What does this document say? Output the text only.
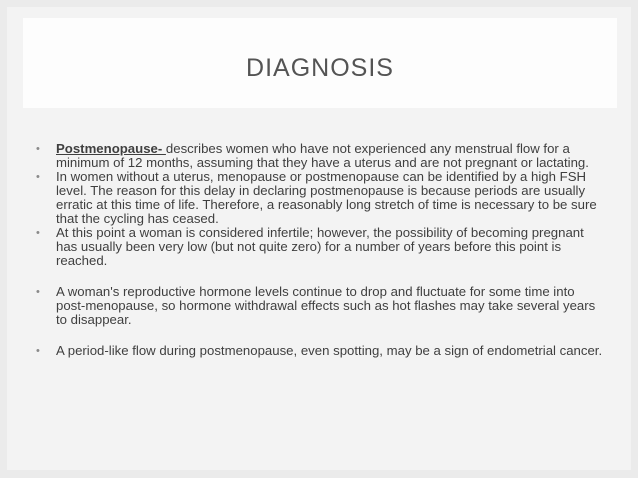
DIAGNOSIS
• Postmenopause- describes women who have not experienced any menstrual flow for a minimum of 12 months, assuming that they have a uterus and are not pregnant or lactating.
• In women without a uterus, menopause or postmenopause can be identified by a high FSH level. The reason for this delay in declaring postmenopause is because periods are usually erratic at this time of life. Therefore, a reasonably long stretch of time is necessary to be sure that the cycling has ceased.
• At this point a woman is considered infertile; however, the possibility of becoming pregnant has usually been very low (but not quite zero) for a number of years before this point is reached.
• A woman's reproductive hormone levels continue to drop and fluctuate for some time into post-menopause, so hormone withdrawal effects such as hot flashes may take several years to disappear.
• A period-like flow during postmenopause, even spotting, may be a sign of endometrial cancer.
